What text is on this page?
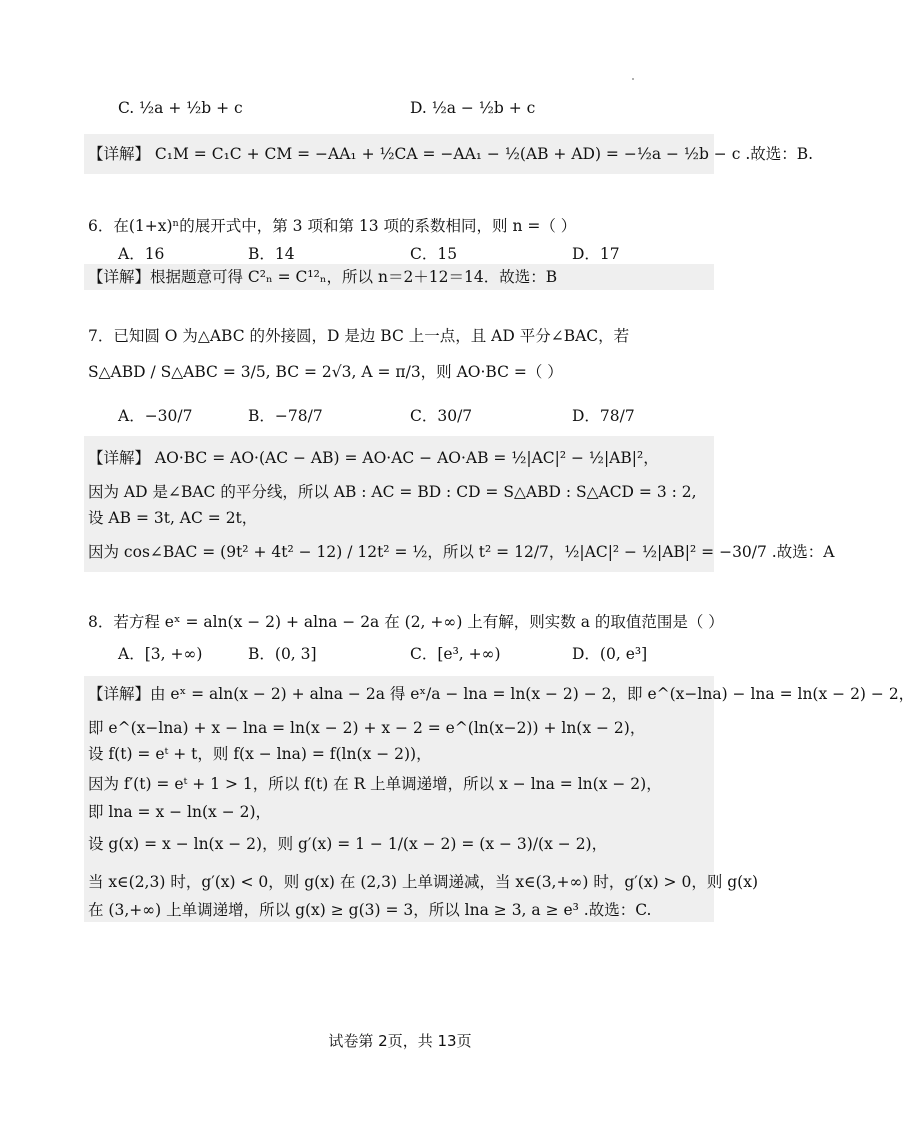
C. ½a + ½b + c	D. ½a − ½b + c
【详解】 C₁M = C₁C + CM = −AA₁ + ½CA = −AA₁ − ½(AB + AD) = −½a − ½b − c .故选：B.
6．在(1+x)ⁿ的展开式中，第 3 项和第 13 项的系数相同，则 n =（ ）
A．16	B．14	C．15	D．17
【详解】根据题意可得 C²ₙ = C¹²ₙ，所以 n＝2＋12＝14．故选：B
7．已知圆 O 为△ABC 的外接圆，D 是边 BC 上一点，且 AD 平分∠BAC，若
S△ABD / S△ABC = 3/5, BC = 2√3, A = π/3，则 AO·BC =（ ）
A．−30/7	B．−78/7	C．30/7	D．78/7
【详解】 AO·BC = AO·(AC − AB) = AO·AC − AO·AB = ½|AC|² − ½|AB|²，
因为 AD 是∠BAC 的平分线，所以 AB : AC = BD : CD = S△ABD : S△ACD = 3 : 2,
设 AB = 3t, AC = 2t，
因为 cos∠BAC = (9t² + 4t² − 12) / 12t² = ½，所以 t² = 12/7，½|AC|² − ½|AB|² = −30/7 .故选：A
8．若方程 eˣ = aln(x − 2) + alna − 2a 在 (2, +∞) 上有解，则实数 a 的取值范围是（ ）
A．[3, +∞)	B．(0, 3]	C．[e³, +∞)	D．(0, e³]
【详解】由 eˣ = aln(x − 2) + alna − 2a 得 eˣ/a − lna = ln(x − 2) − 2，即 e^(x−lna) − lna = ln(x − 2) − 2，
即 e^(x−lna) + x − lna = ln(x − 2) + x − 2 = e^(ln(x−2)) + ln(x − 2)，
设 f(t) = eᵗ + t，则 f(x − lna) = f(ln(x − 2))，
因为 f′(t) = eᵗ + 1 > 1，所以 f(t) 在 R 上单调递增，所以 x − lna = ln(x − 2)，
即 lna = x − ln(x − 2)，
设 g(x) = x − ln(x − 2)，则 g′(x) = 1 − 1/(x − 2) = (x − 3)/(x − 2)，
当 x∈(2,3) 时，g′(x) < 0，则 g(x) 在 (2,3) 上单调递减，当 x∈(3,+∞) 时，g′(x) > 0，则 g(x)
在 (3,+∞) 上单调递增，所以 g(x) ≥ g(3) = 3，所以 lna ≥ 3, a ≥ e³ .故选：C.
试卷第 2页，共 13页
